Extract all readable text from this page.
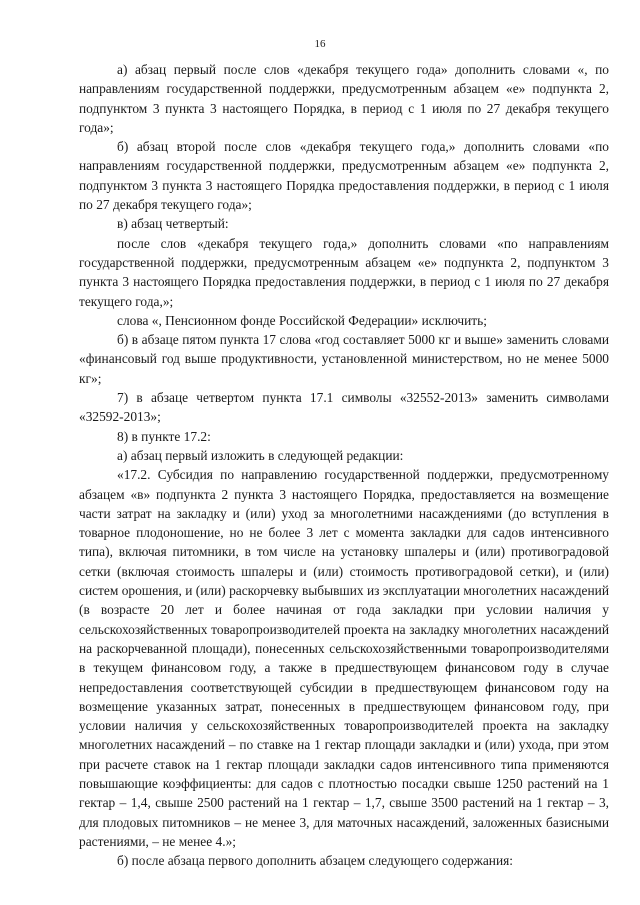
16

а) абзац первый после слов «декабря текущего года» дополнить словами «, по направлениям государственной поддержки, предусмотренным абзацем «е» подпункта 2, подпунктом 3 пункта 3 настоящего Порядка, в период с 1 июля по 27 декабря текущего года»;

б) абзац второй после слов «декабря текущего года,» дополнить словами «по направлениям государственной поддержки, предусмотренным абзацем «е» подпункта 2, подпунктом 3 пункта 3 настоящего Порядка предоставления поддержки, в период с 1 июля по 27 декабря текущего года»;

в) абзац четвертый:

после слов «декабря текущего года,» дополнить словами «по направлениям государственной поддержки, предусмотренным абзацем «е» подпункта 2, подпунктом 3 пункта 3 настоящего Порядка предоставления поддержки, в период с 1 июля по 27 декабря текущего года,»;

слова «, Пенсионном фонде Российской Федерации» исключить;

б) в абзаце пятом пункта 17 слова «год составляет 5000 кг и выше» заменить словами «финансовый год выше продуктивности, установленной министерством, но не менее 5000 кг»;

7) в абзаце четвертом пункта 17.1 символы «32552-2013» заменить символами «32592-2013»;

8) в пункте 17.2:

а) абзац первый изложить в следующей редакции:

«17.2. Субсидия по направлению государственной поддержки, предусмотренному абзацем «в» подпункта 2 пункта 3 настоящего Порядка, предоставляется на возмещение части затрат на закладку и (или) уход за многолетними насаждениями (до вступления в товарное плодоношение, но не более 3 лет с момента закладки для садов интенсивного типа), включая питомники, в том числе на установку шпалеры и (или) противоградовой сетки (включая стоимость шпалеры и (или) стоимость противоградовой сетки), и (или) систем орошения, и (или) раскорчевку выбывших из эксплуатации многолетних насаждений (в возрасте 20 лет и более начиная от года закладки при условии наличия у сельскохозяйственных товаропроизводителей проекта на закладку многолетних насаждений на раскорчеванной площади), понесенных сельскохозяйственными товаропроизводителями в текущем финансовом году, а также в предшествующем финансовом году в случае непредоставления соответствующей субсидии в предшествующем финансовом году на возмещение указанных затрат, понесенных в предшествующем финансовом году, при условии наличия у сельскохозяйственных товаропроизводителей проекта на закладку многолетних насаждений – по ставке на 1 гектар площади закладки и (или) ухода, при этом при расчете ставок на 1 гектар площади закладки садов интенсивного типа применяются повышающие коэффициенты: для садов с плотностью посадки свыше 1250 растений на 1 гектар – 1,4, свыше 2500 растений на 1 гектар – 1,7, свыше 3500 растений на 1 гектар – 3, для плодовых питомников – не менее 3, для маточных насаждений, заложенных базисными растениями, – не менее 4.»;

б) после абзаца первого дополнить абзацем следующего содержания:
